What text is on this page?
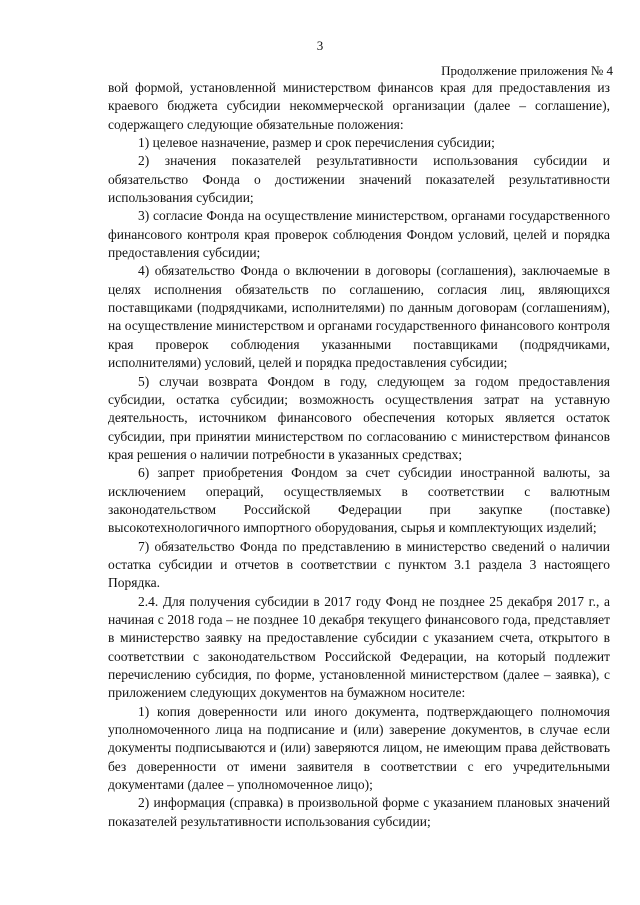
3
Продолжение приложения № 4

вой формой, установленной министерством финансов края для предоставления из краевого бюджета субсидии некоммерческой организации (далее – соглашение), содержащего следующие обязательные положения:

1) целевое назначение, размер и срок перечисления субсидии;

2) значения показателей результативности использования субсидии и обязательство Фонда о достижении значений показателей результативности использования субсидии;

3) согласие Фонда на осуществление министерством, органами государственного финансового контроля края проверок соблюдения Фондом условий, целей и порядка предоставления субсидии;

4) обязательство Фонда о включении в договоры (соглашения), заключаемые в целях исполнения обязательств по соглашению, согласия лиц, являющихся поставщиками (подрядчиками, исполнителями) по данным договорам (соглашениям), на осуществление министерством и органами государственного финансового контроля края проверок соблюдения указанными поставщиками (подрядчиками, исполнителями) условий, целей и порядка предоставления субсидии;

5) случаи возврата Фондом в году, следующем за годом предоставления субсидии, остатка субсидии; возможность осуществления затрат на уставную деятельность, источником финансового обеспечения которых является остаток субсидии, при принятии министерством по согласованию с министерством финансов края решения о наличии потребности в указанных средствах;

6) запрет приобретения Фондом за счет субсидии иностранной валюты, за исключением операций, осуществляемых в соответствии с валютным законодательством Российской Федерации при закупке (поставке) высокотехнологичного импортного оборудования, сырья и комплектующих изделий;

7) обязательство Фонда по представлению в министерство сведений о наличии остатка субсидии и отчетов в соответствии с пунктом 3.1 раздела 3 настоящего Порядка.

2.4. Для получения субсидии в 2017 году Фонд не позднее 25 декабря 2017 г., а начиная с 2018 года – не позднее 10 декабря текущего финансового года, представляет в министерство заявку на предоставление субсидии с указанием счета, открытого в соответствии с законодательством Российской Федерации, на который подлежит перечислению субсидия, по форме, установленной министерством (далее – заявка), с приложением следующих документов на бумажном носителе:

1) копия доверенности или иного документа, подтверждающего полномочия уполномоченного лица на подписание и (или) заверение документов, в случае если документы подписываются и (или) заверяются лицом, не имеющим права действовать без доверенности от имени заявителя в соответствии с его учредительными документами (далее – уполномоченное лицо);

2) информация (справка) в произвольной форме с указанием плановых значений показателей результативности использования субсидии;
